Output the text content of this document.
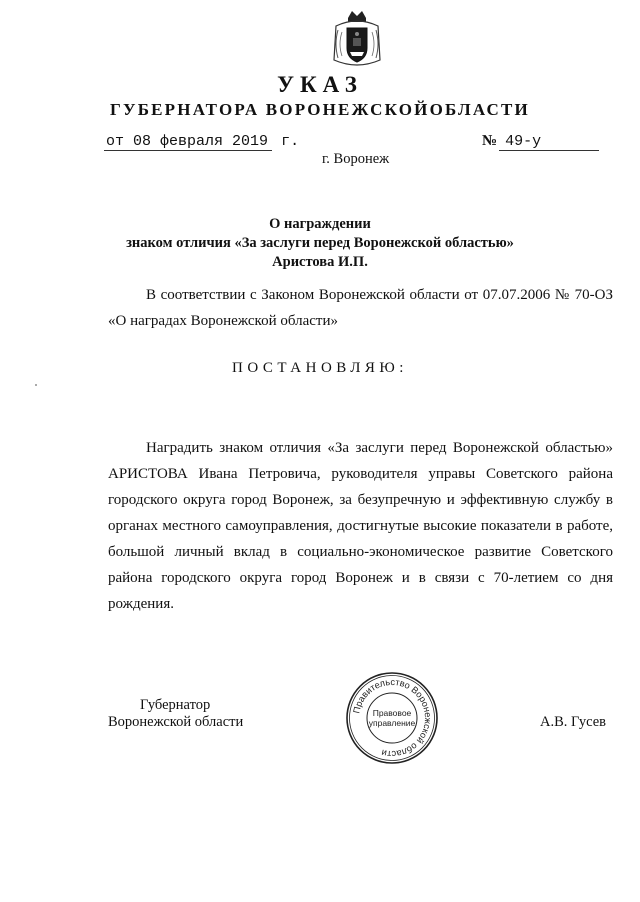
УКАЗ
ГУБЕРНАТОРА ВОРОНЕЖСКОЙОБЛАСТИ
от 08 февраля 2019 г.	№ 49-у
г. Воронеж
О награждении
знаком отличия «За заслуги перед Воронежской областью»
Аристова И.П.
В соответствии с Законом Воронежской области от 07.07.2006 № 70-ОЗ «О наградах Воронежской области»
ПОСТАНОВЛЯЮ:
Наградить знаком отличия «За заслуги перед Воронежской областью» АРИСТОВА Ивана Петровича, руководителя управы Советского района городского округа город Воронеж, за безупречную и эффективную службу в органах местного самоуправления, достигнутые высокие показатели в работе, большой личный вклад в социально-экономическое развитие Советского района городского округа город Воронеж и в связи с 70-летием со дня рождения.
Губернатор
Воронежской области	А.В. Гусев
Правительство Воронежской области
Правовое
управление
